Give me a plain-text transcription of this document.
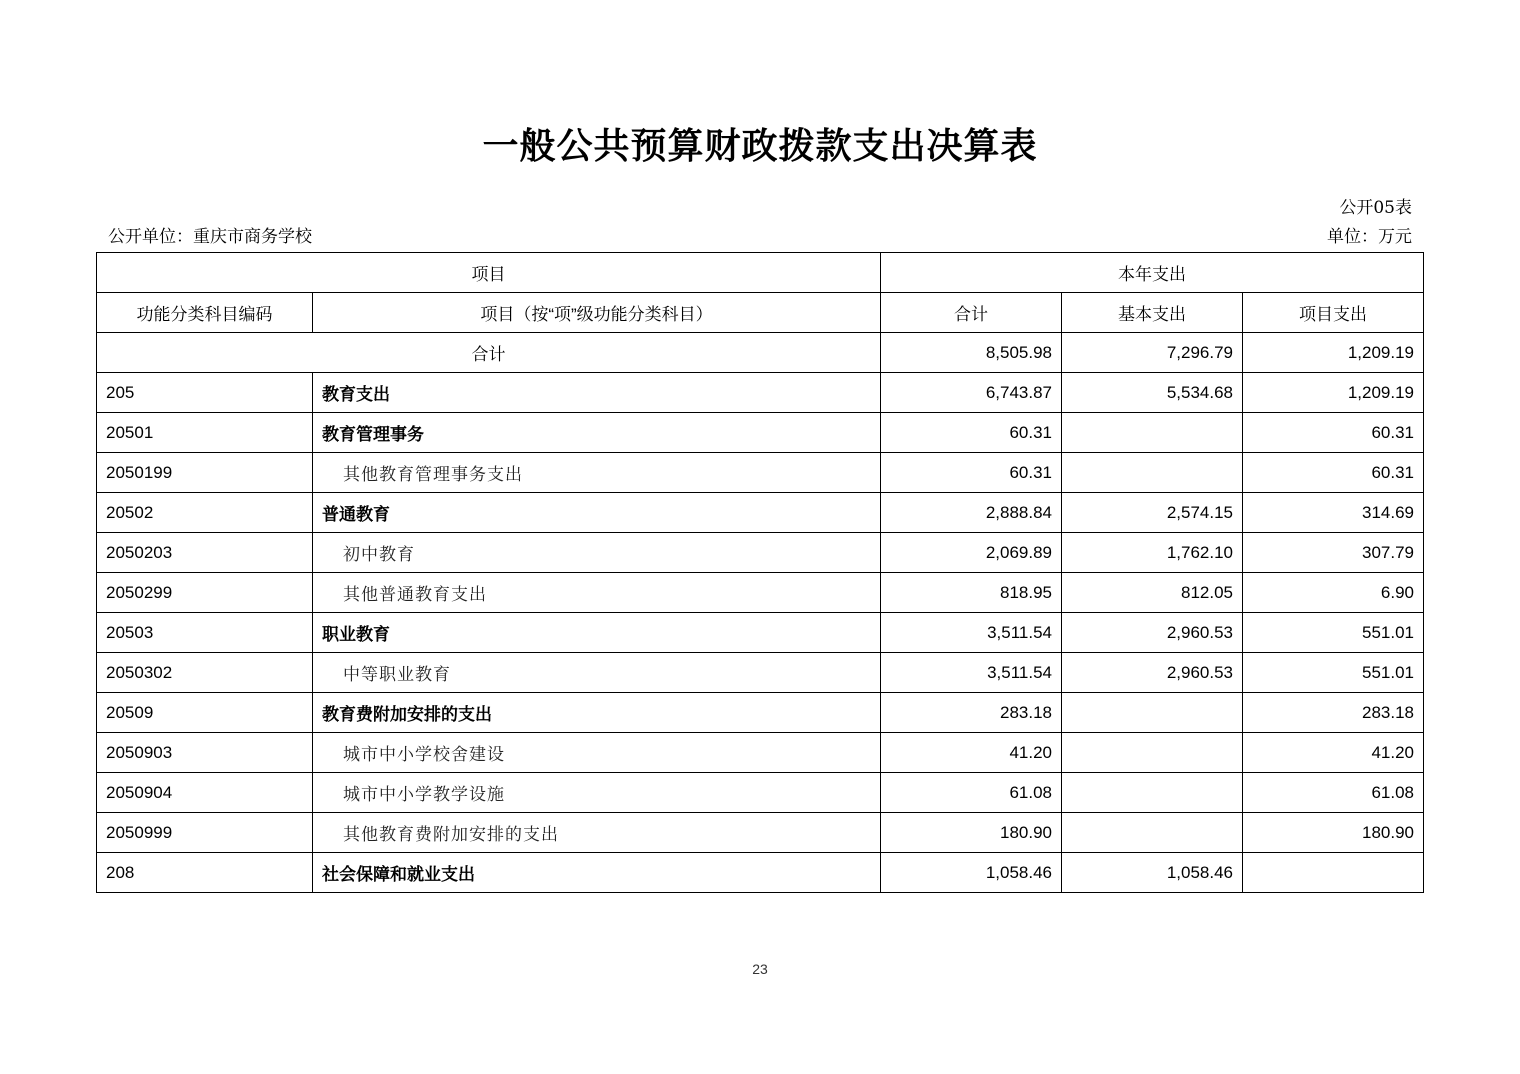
一般公共预算财政拨款支出决算表
公开05表
公开单位：重庆市商务学校	单位：万元
项目		本年支出		
功能分类科目编码	项目（按“项”级功能分类科目）	合计	基本支出	项目支出
合计		8,505.98	7,296.79	1,209.19
205	教育支出	6,743.87	5,534.68	1,209.19
20501	教育管理事务	60.31		60.31
2050199	其他教育管理事务支出	60.31		60.31
20502	普通教育	2,888.84	2,574.15	314.69
2050203	初中教育	2,069.89	1,762.10	307.79
2050299	其他普通教育支出	818.95	812.05	6.90
20503	职业教育	3,511.54	2,960.53	551.01
2050302	中等职业教育	3,511.54	2,960.53	551.01
20509	教育费附加安排的支出	283.18		283.18
2050903	城市中小学校舍建设	41.20		41.20
2050904	城市中小学教学设施	61.08		61.08
2050999	其他教育费附加安排的支出	180.90		180.90
208	社会保障和就业支出	1,058.46	1,058.46	
23
